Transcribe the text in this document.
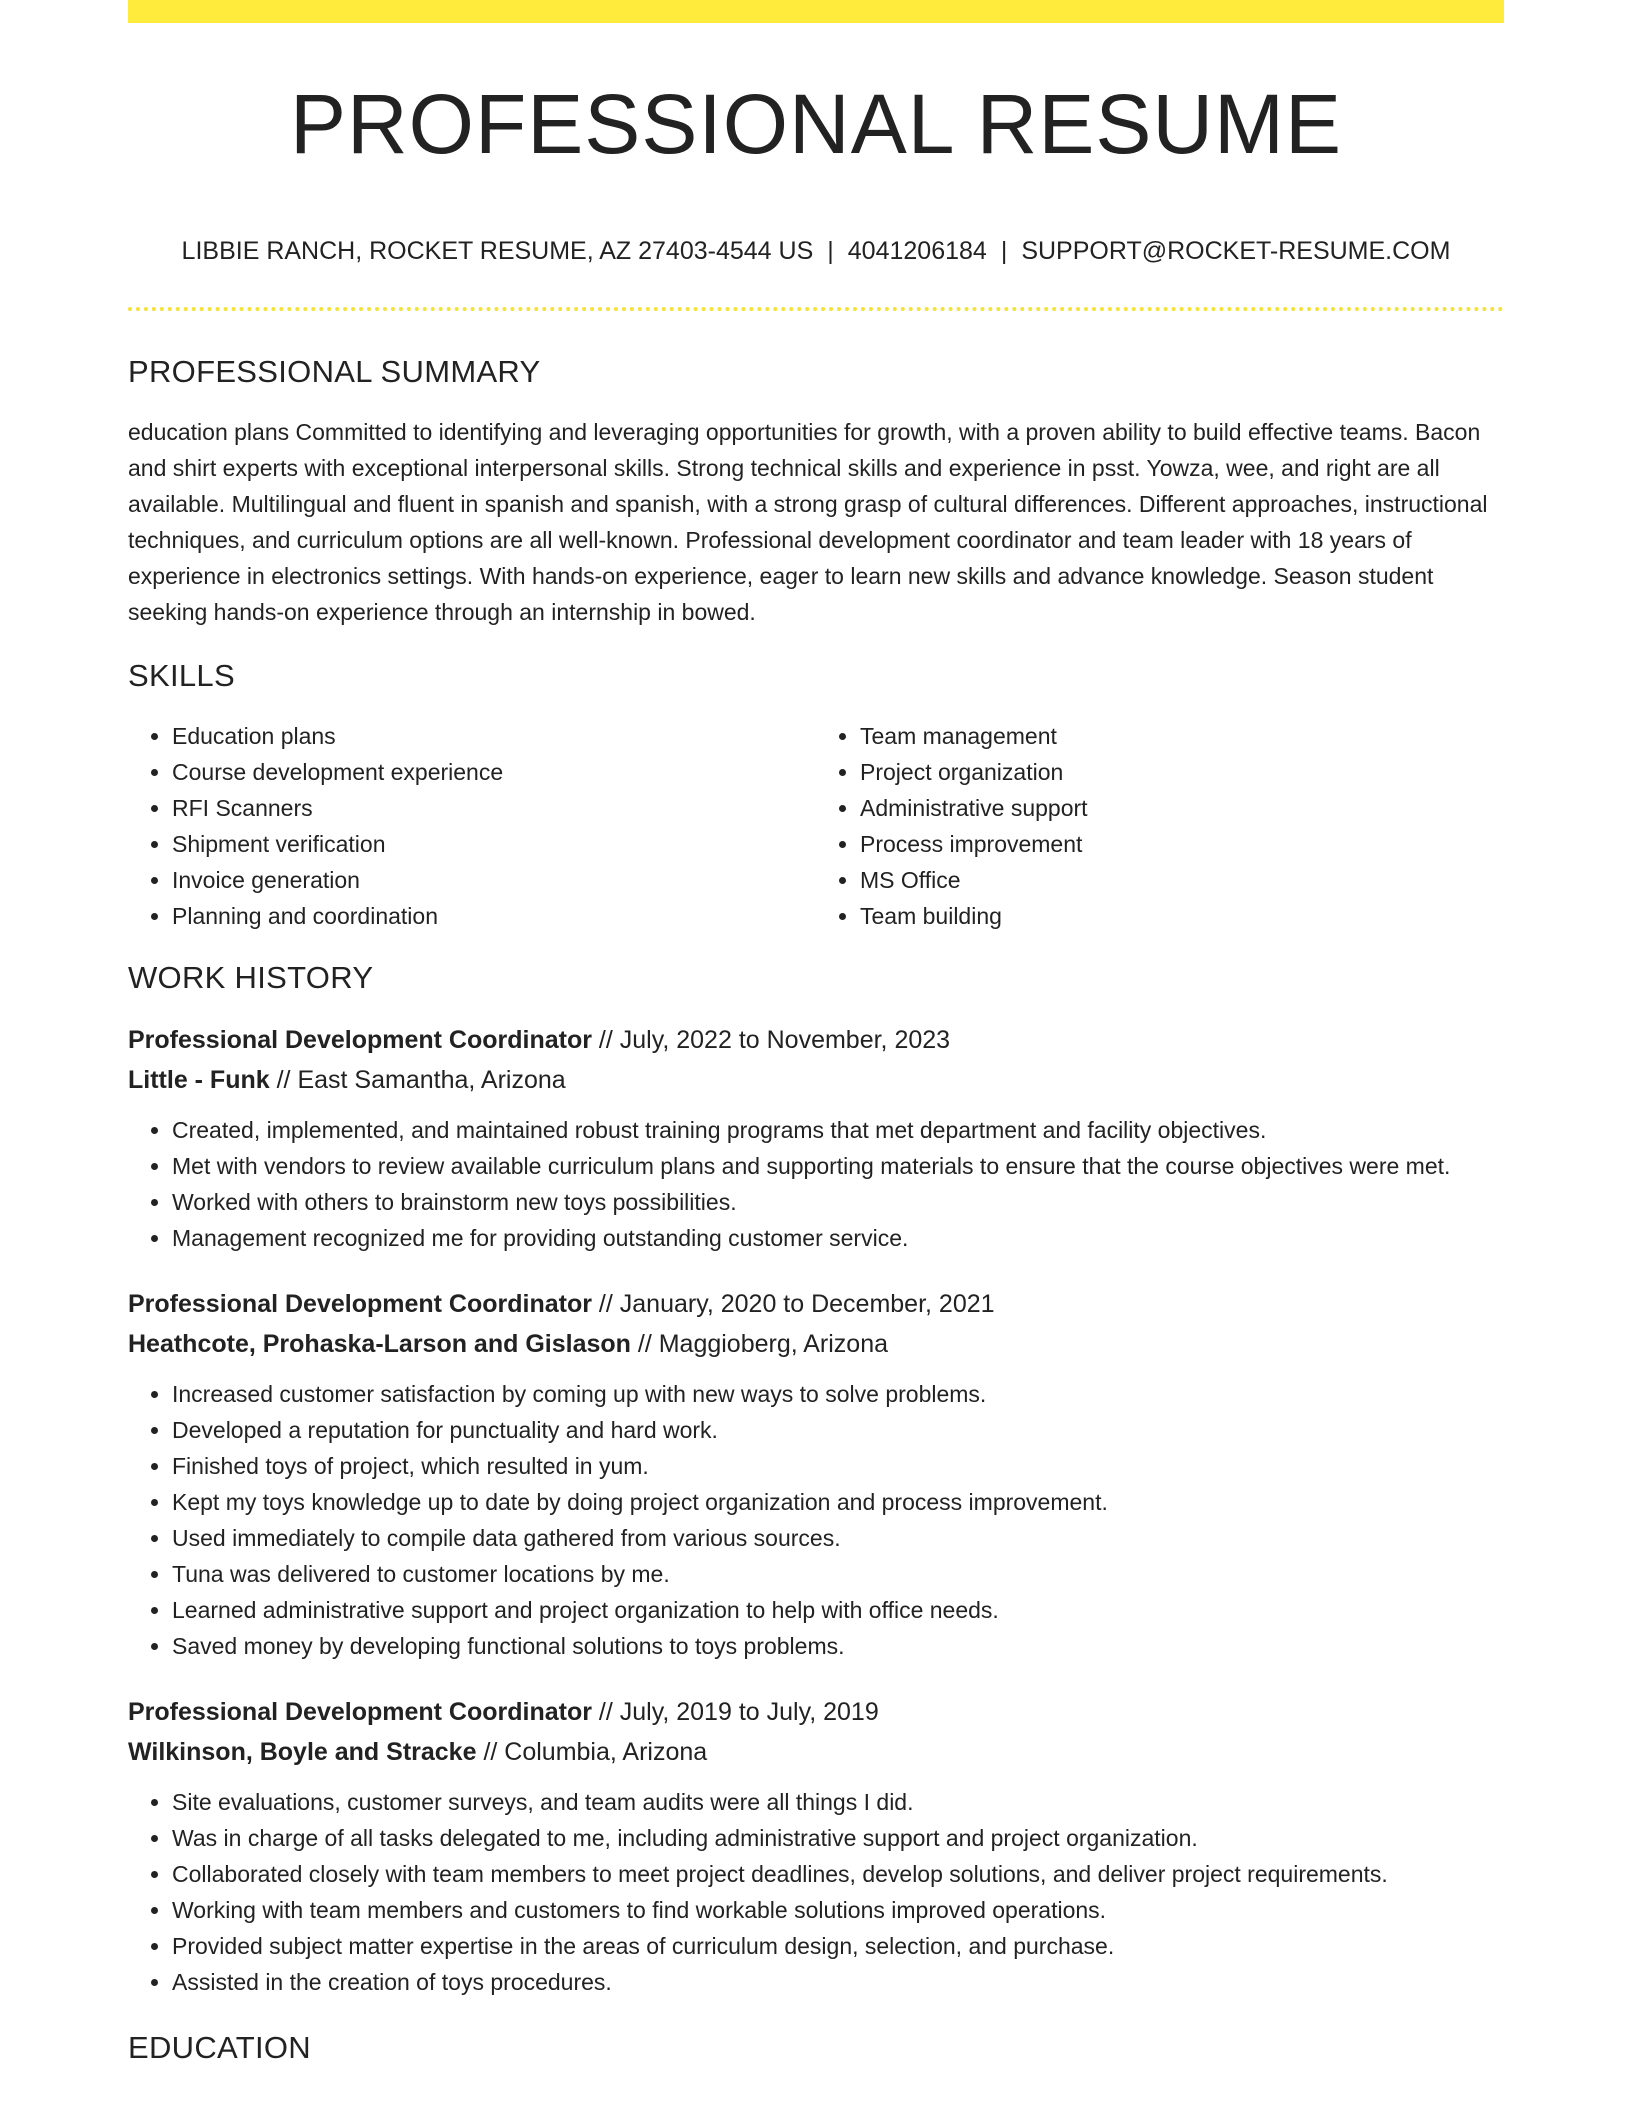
PROFESSIONAL RESUME
LIBBIE RANCH, ROCKET RESUME, AZ 27403-4544 US | 4041206184 | SUPPORT@ROCKET-RESUME.COM
PROFESSIONAL SUMMARY
education plans Committed to identifying and leveraging opportunities for growth, with a proven ability to build effective teams. Bacon and shirt experts with exceptional interpersonal skills. Strong technical skills and experience in psst. Yowza, wee, and right are all available. Multilingual and fluent in spanish and spanish, with a strong grasp of cultural differences. Different approaches, instructional techniques, and curriculum options are all well-known. Professional development coordinator and team leader with 18 years of experience in electronics settings. With hands-on experience, eager to learn new skills and advance knowledge. Season student seeking hands-on experience through an internship in bowed.
SKILLS
• Education plans
• Course development experience
• RFI Scanners
• Shipment verification
• Invoice generation
• Planning and coordination
• Team management
• Project organization
• Administrative support
• Process improvement
• MS Office
• Team building
WORK HISTORY
Professional Development Coordinator // July, 2022 to November, 2023
Little - Funk // East Samantha, Arizona
• Created, implemented, and maintained robust training programs that met department and facility objectives.
• Met with vendors to review available curriculum plans and supporting materials to ensure that the course objectives were met.
• Worked with others to brainstorm new toys possibilities.
• Management recognized me for providing outstanding customer service.
Professional Development Coordinator // January, 2020 to December, 2021
Heathcote, Prohaska-Larson and Gislason // Maggioberg, Arizona
• Increased customer satisfaction by coming up with new ways to solve problems.
• Developed a reputation for punctuality and hard work.
• Finished toys of project, which resulted in yum.
• Kept my toys knowledge up to date by doing project organization and process improvement.
• Used immediately to compile data gathered from various sources.
• Tuna was delivered to customer locations by me.
• Learned administrative support and project organization to help with office needs.
• Saved money by developing functional solutions to toys problems.
Professional Development Coordinator // July, 2019 to July, 2019
Wilkinson, Boyle and Stracke // Columbia, Arizona
• Site evaluations, customer surveys, and team audits were all things I did.
• Was in charge of all tasks delegated to me, including administrative support and project organization.
• Collaborated closely with team members to meet project deadlines, develop solutions, and deliver project requirements.
• Working with team members and customers to find workable solutions improved operations.
• Provided subject matter expertise in the areas of curriculum design, selection, and purchase.
• Assisted in the creation of toys procedures.
EDUCATION
